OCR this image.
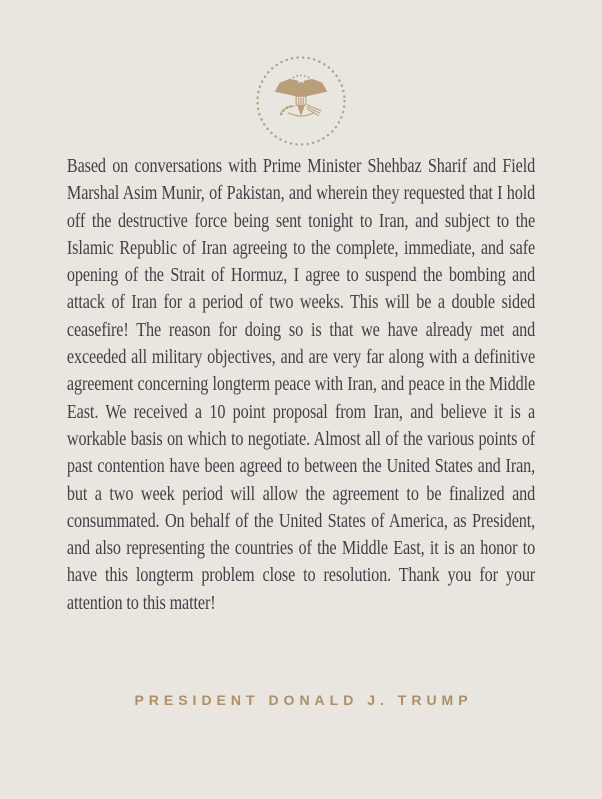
Based on conversations with Prime Minister Shehbaz Sharif and Field Marshal Asim Munir, of Pakistan, and wherein they requested that I hold off the destructive force being sent tonight to Iran, and subject to the Islamic Republic of Iran agreeing to the complete, immediate, and safe opening of the Strait of Hormuz, I agree to suspend the bombing and attack of Iran for a period of two weeks. This will be a double sided ceasefire! The reason for doing so is that we have already met and exceeded all military objectives, and are very far along with a definitive agreement concerning longterm peace with Iran, and peace in the Middle East. We received a 10 point proposal from Iran, and believe it is a workable basis on which to negotiate. Almost all of the various points of past contention have been agreed to between the United States and Iran, but a two week period will allow the agreement to be finalized and consummated. On behalf of the United States of America, as President, and also representing the countries of the Middle East, it is an honor to have this longterm problem close to resolution. Thank you for your attention to this matter!

PRESIDENT DONALD J. TRUMP
